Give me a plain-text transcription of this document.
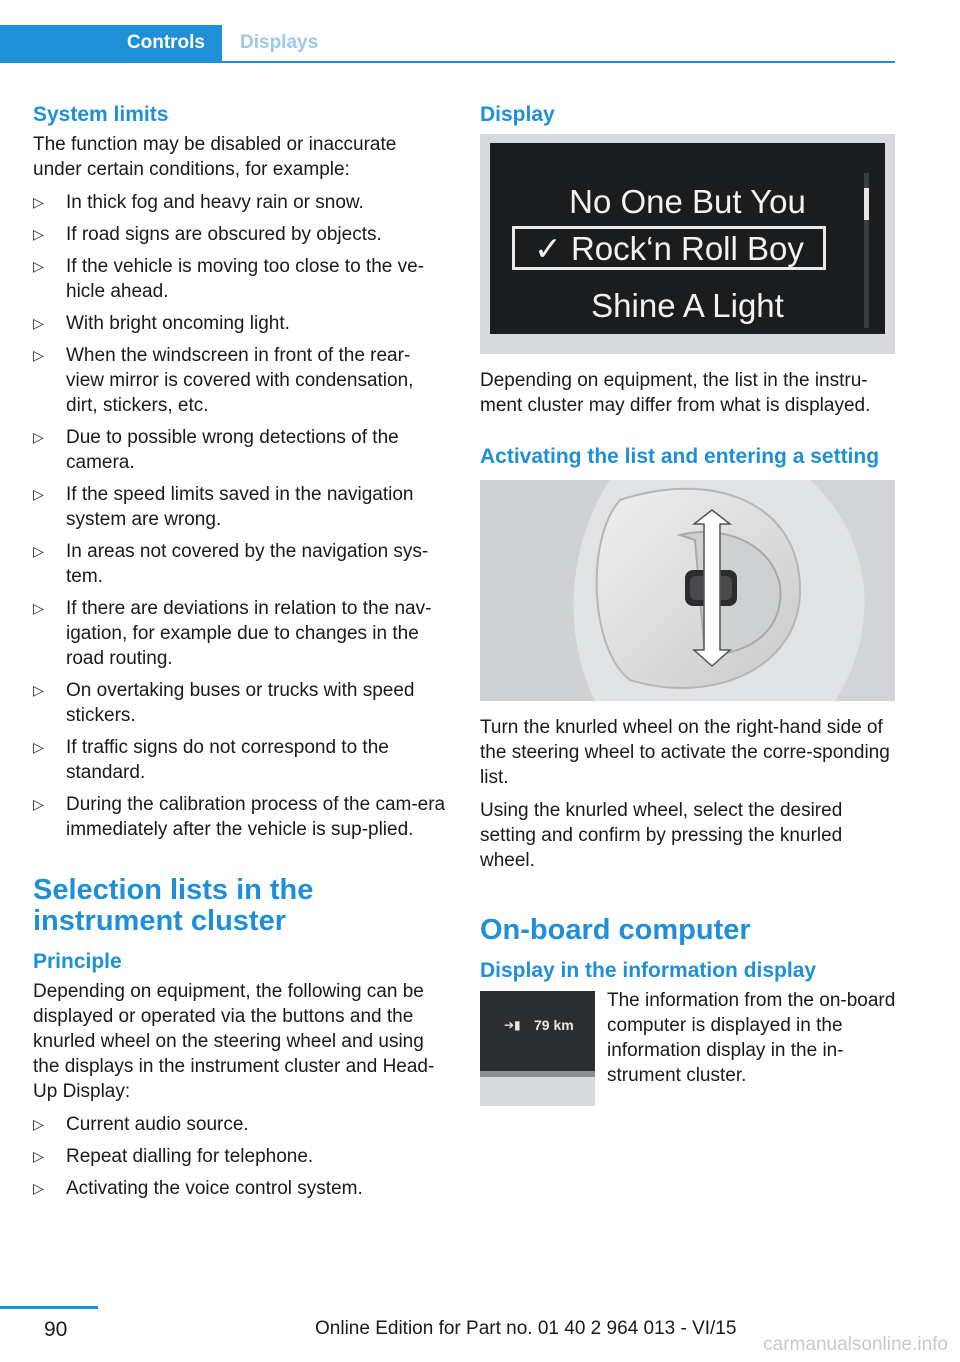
Controls	Displays
System limits

The function may be disabled or inaccurate under certain conditions, for example:

▷ In thick fog and heavy rain or snow.
▷ If road signs are obscured by objects.
▷ If the vehicle is moving too close to the ve‐hicle ahead.
▷ With bright oncoming light.
▷ When the windscreen in front of the rear‐view mirror is covered with condensation, dirt, stickers, etc.
▷ Due to possible wrong detections of the camera.
▷ If the speed limits saved in the navigation system are wrong.
▷ In areas not covered by the navigation sys‐tem.
▷ If there are deviations in relation to the nav‐igation, for example due to changes in the road routing.
▷ On overtaking buses or trucks with speed stickers.
▷ If traffic signs do not correspond to the standard.
▷ During the calibration process of the cam‐era immediately after the vehicle is sup‐plied.
Selection lists in the instrument cluster
Principle

Depending on equipment, the following can be displayed or operated via the buttons and the knurled wheel on the steering wheel and using the displays in the instrument cluster and Head-Up Display:

▷ Current audio source.
▷ Repeat dialling for telephone.
▷ Activating the voice control system.
Display
No One But You
✓ Rock‘n Roll Boy
Shine A Light

Depending on equipment, the list in the instru‐ment cluster may differ from what is displayed.

Activating the list and entering a setting

Turn the knurled wheel on the right-hand side of the steering wheel to activate the corre‐sponding list.

Using the knurled wheel, select the desired setting and confirm by pressing the knurled wheel.

On-board computer
Display in the information display
➔▮ 79 km

The information from the on‐board computer is displayed in the information display in the in‐strument cluster.

90	Online Edition for Part no. 01 40 2 964 013 - VI/15
carmanualsonline.info
